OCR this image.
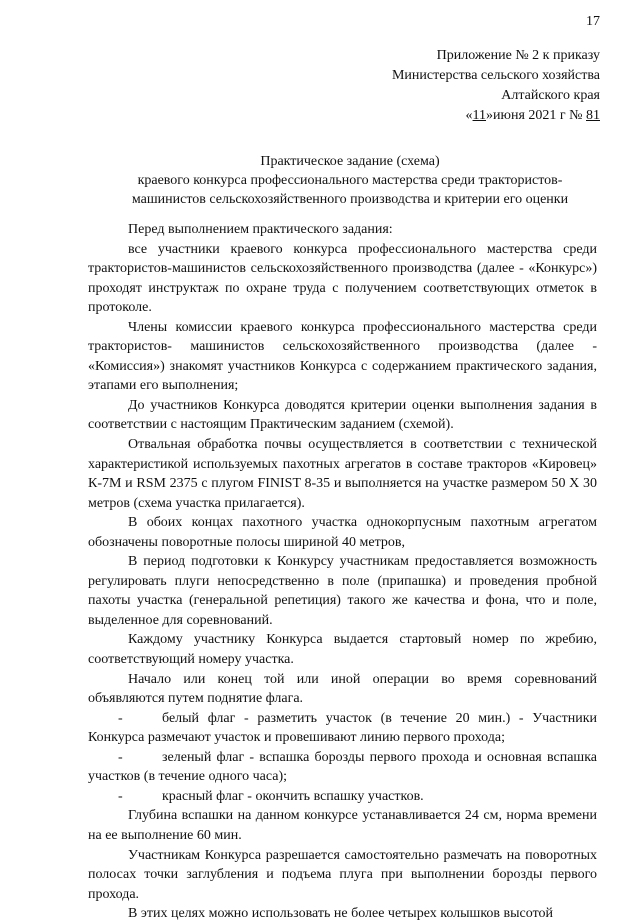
17
Приложение № 2 к приказу
Министерства сельского хозяйства
Алтайского края
«11»июня 2021 г № 81
Практическое задание (схема)
краевого конкурса профессионального мастерства среди трактористов-
машинистов сельскохозяйственного производства и критерии его оценки

Перед выполнением практического задания:

все участники краевого конкурса профессионального мастерства среди трактористов-машинистов сельскохозяйственного производства (далее - «Конкурс») проходят инструктаж по охране труда с получением соответствующих отметок в протоколе.

Члены комиссии краевого конкурса профессионального мастерства среди трактористов- машинистов сельскохозяйственного производства (далее - «Комиссия») знакомят участников Конкурса с содержанием практического задания, этапами его выполнения;

До участников Конкурса доводятся критерии оценки выполнения задания в соответствии с настоящим Практическим заданием (схемой).

Отвальная обработка почвы осуществляется в соответствии с технической характеристикой используемых пахотных агрегатов в составе тракторов «Кировец» К-7М и RSM 2375 с плугом FINIST 8-35 и выполняется на участке размером 50 Х 30 метров (схема участка прилагается).

В обоих концах пахотного участка однокорпусным пахотным агрегатом обозначены поворотные полосы шириной 40 метров,

В период подготовки к Конкурсу участникам предоставляется возможность регулировать плуги непосредственно в поле (припашка) и проведения пробной пахоты участка (генеральной репетиция) такого же качества и фона, что и поле, выделенное для соревнований.

Каждому участнику Конкурса выдается стартовый номер по жребию, соответствующий номеру участка.

Начало или конец той или иной операции во время соревнований объявляются путем поднятие флага.

-	белый флаг - разметить участок (в течение 20 мин.) - Участники Конкурса размечают участок и провешивают линию первого прохода;

-	зеленый флаг - вспашка борозды первого прохода и основная вспашка участков (в течение одного часа);

-	красный флаг - окончить вспашку участков.

Глубина вспашки на данном конкурсе устанавливается 24 см, норма времени на ее выполнение 60 мин.

Участникам Конкурса разрешается самостоятельно размечать на поворотных полосах точки заглубления и подъема плуга при выполнении борозды первого прохода.

В этих целях можно использовать не более четырех колышков высотой
